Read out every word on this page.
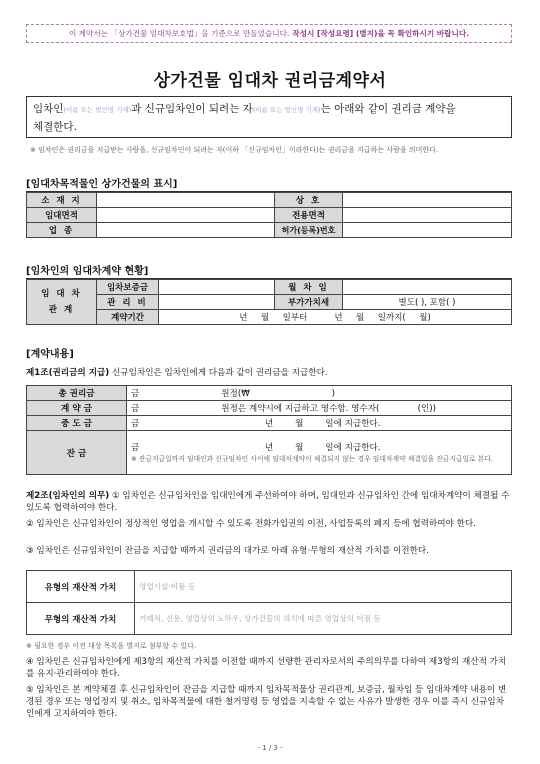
이 계약서는 「상가건물 임대차보호법」을 기준으로 만들었습니다. 작성시 [작성요령] (별지)을 꼭 확인하시기 바랍니다.
상가건물 임대차 권리금계약서
임차인(이름 또는 법인명 기재)과 신규임차인이 되려는 자(이름 또는 법인명 기재)는 아래와 같이 권리금 계약을
체결한다.
※ 임차인은 권리금을 지급받는 사람을, 신규임차인이 되려는 자(이하 「신규임차인」이라한다)는 권리금을 지급하는 사람을 의미한다.
[임대차목적물인 상가건물의 표시]
소 재 지		상 호	
임대면적		전용면적	
업 종		허가(등록)번호	
[임차인의 임대차계약 현황]
임 대 차
관 계	임차보증금		월 차 임	
	관 리 비		부가가치세	별도( ), 포함( )
	계약기간	년     월     일부터          년     월     일까지(     월)		
[계약내용]
제1조(권리금의 지급) 신규임차인은 임차인에게 다음과 같이 권리금을 지급한다.
총 권리금	금                              원정(₩                              )
계 약 금	금                              원정은 계약시에 지급하고 영수함. 영수자(              (인))
중 도 금	금                                              년        월        일에 지급한다.
잔 금	금                                              년        월        일에 지급한다.
※ 잔금지급일까지 임대인과 신규임차인 사이에 임대차계약이 체결되지 않는 경우 임대차계약 체결일을 잔금지급일로 본다.
제2조(임차인의 의무) ① 임차인은 신규임차인을 임대인에게 주선하여야 하며, 임대인과 신규임차인 간에 임대차계약이 체결될 수 있도록 협력하여야 한다.
② 임차인은 신규임차인이 정상적인 영업을 개시할 수 있도록 전화가입권의 이전, 사업등록의 폐지 등에 협력하여야 한다.
③ 임차인은 신규임차인이 잔금을 지급할 때까지 권리금의 대가로 아래 유형·무형의 재산적 가치를 이전한다.
유형의 재산적 가치	영업시설·비품 등
무형의 재산적 가치	거래처, 신용, 영업상의 노하우, 상가건물의 위치에 따른 영업상의 이점 등
※ 필요한 경우 이전 대상 목록을 별지로 첨부할 수 있다.
④ 임차인은 신규임차인에게 제3항의 재산적 가치를 이전할 때까지 선량한 관리자로서의 주의의무를 다하여 제3항의 재산적 가치를 유지·관리하여야 한다.
⑤ 임차인은 본 계약체결 후 신규임차인이 잔금을 지급할 때까지 임차목적물상 권리관계, 보증금, 월차임 등 임대차계약 내용이 변경된 경우 또는 영업정지 및 취소, 임차목적물에 대한 철거명령 등 영업을 지속할 수 없는 사유가 발생한 경우 이를 즉시 신규임차인에게 고지하여야 한다.
- 1 / 3 -
